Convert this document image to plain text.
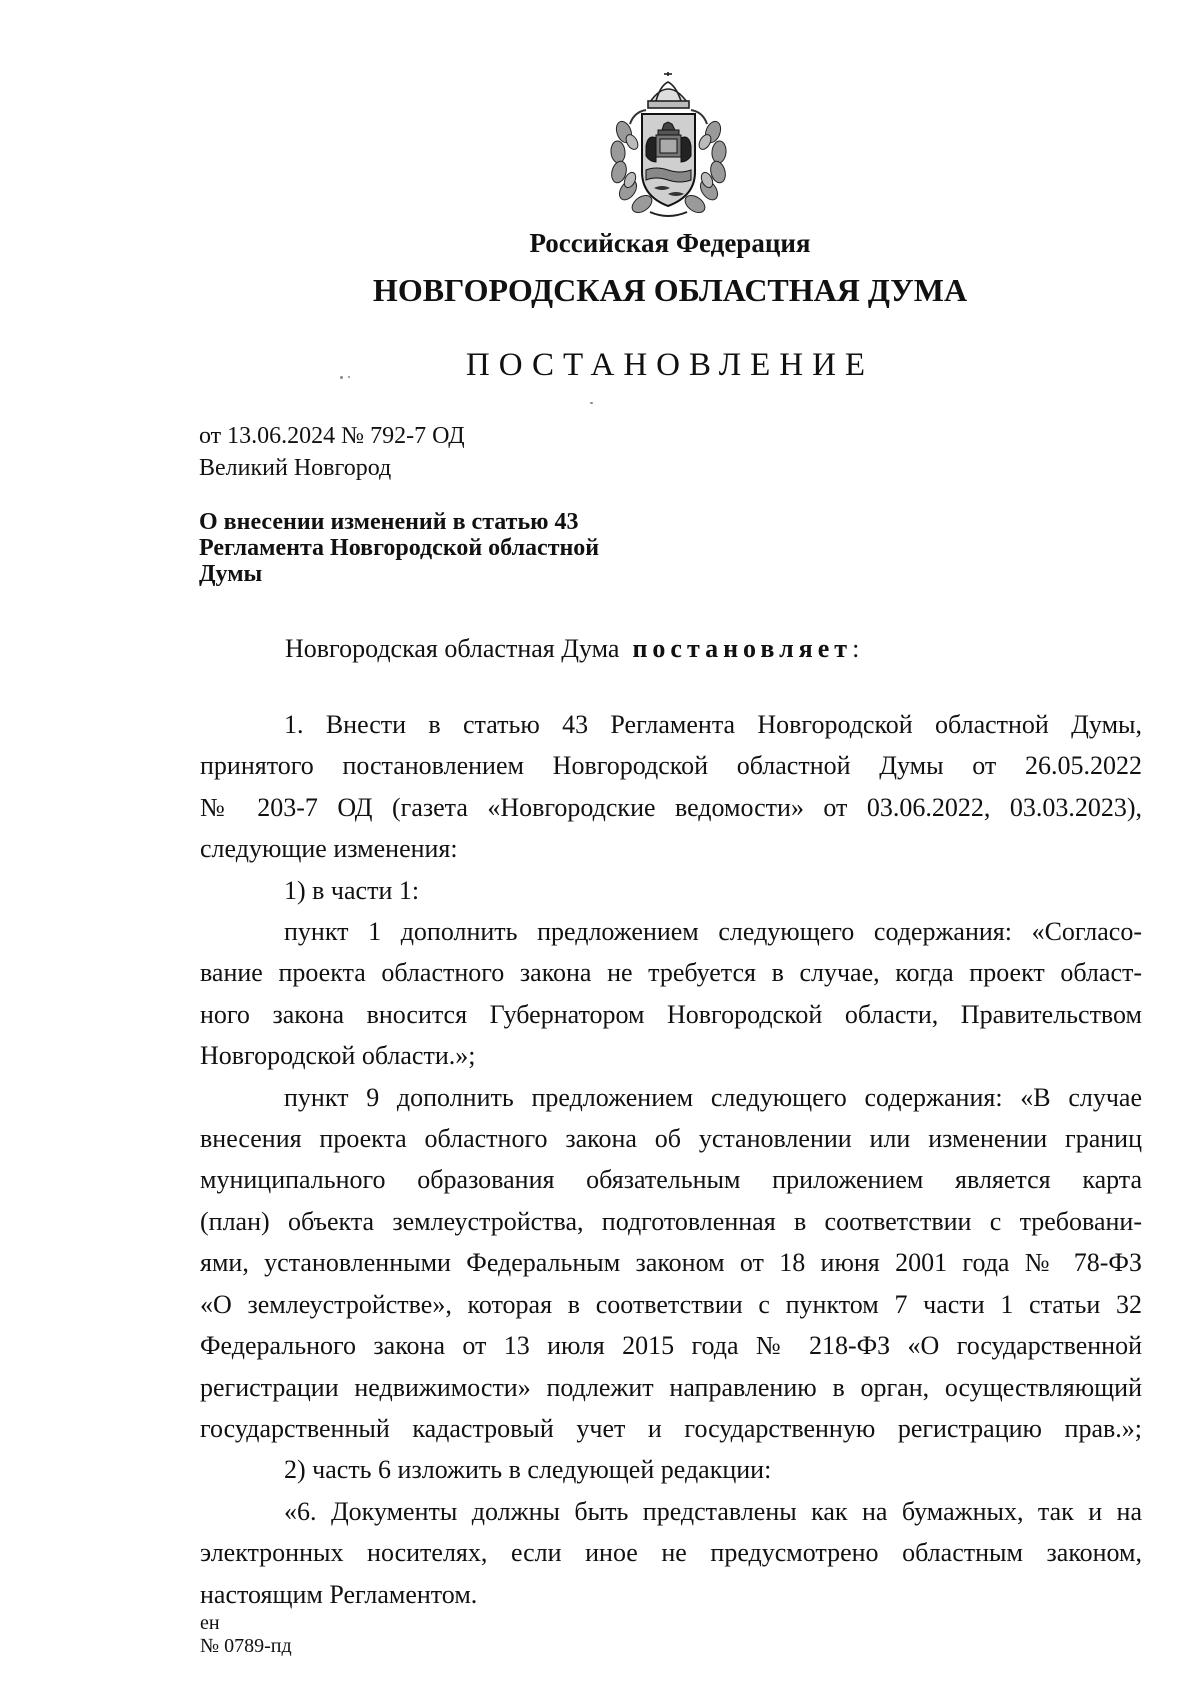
Российская Федерация
НОВГОРОДСКАЯ ОБЛАСТНАЯ ДУМА
ПОСТАНОВЛЕНИЕ
от 13.06.2024 № 792-7 ОД
Великий Новгород
О внесении изменений в статью 43
Регламента Новгородской областной
Думы
Новгородская областная Дума постановляет:
1. Внести в статью 43 Регламента Новгородской областной Думы,
принятого постановлением Новгородской областной Думы от 26.05.2022
№ 203-7 ОД (газета «Новгородские ведомости» от 03.06.2022, 03.03.2023),
следующие изменения:
1) в части 1:
пункт 1 дополнить предложением следующего содержания: «Согласо-
вание проекта областного закона не требуется в случае, когда проект област-
ного закона вносится Губернатором Новгородской области, Правительством
Новгородской области.»;
пункт 9 дополнить предложением следующего содержания: «В случае
внесения проекта областного закона об установлении или изменении границ
муниципального образования обязательным приложением является карта
(план) объекта землеустройства, подготовленная в соответствии с требовани-
ями, установленными Федеральным законом от 18 июня 2001 года № 78-ФЗ
«О землеустройстве», которая в соответствии с пунктом 7 части 1 статьи 32
Федерального закона от 13 июля 2015 года № 218-ФЗ «О государственной
регистрации недвижимости» подлежит направлению в орган, осуществляющий
государственный кадастровый учет и государственную регистрацию прав.»;
2) часть 6 изложить в следующей редакции:
«6. Документы должны быть представлены как на бумажных, так и на
электронных носителях, если иное не предусмотрено областным законом,
настоящим Регламентом.
ен
№ 0789-пд
